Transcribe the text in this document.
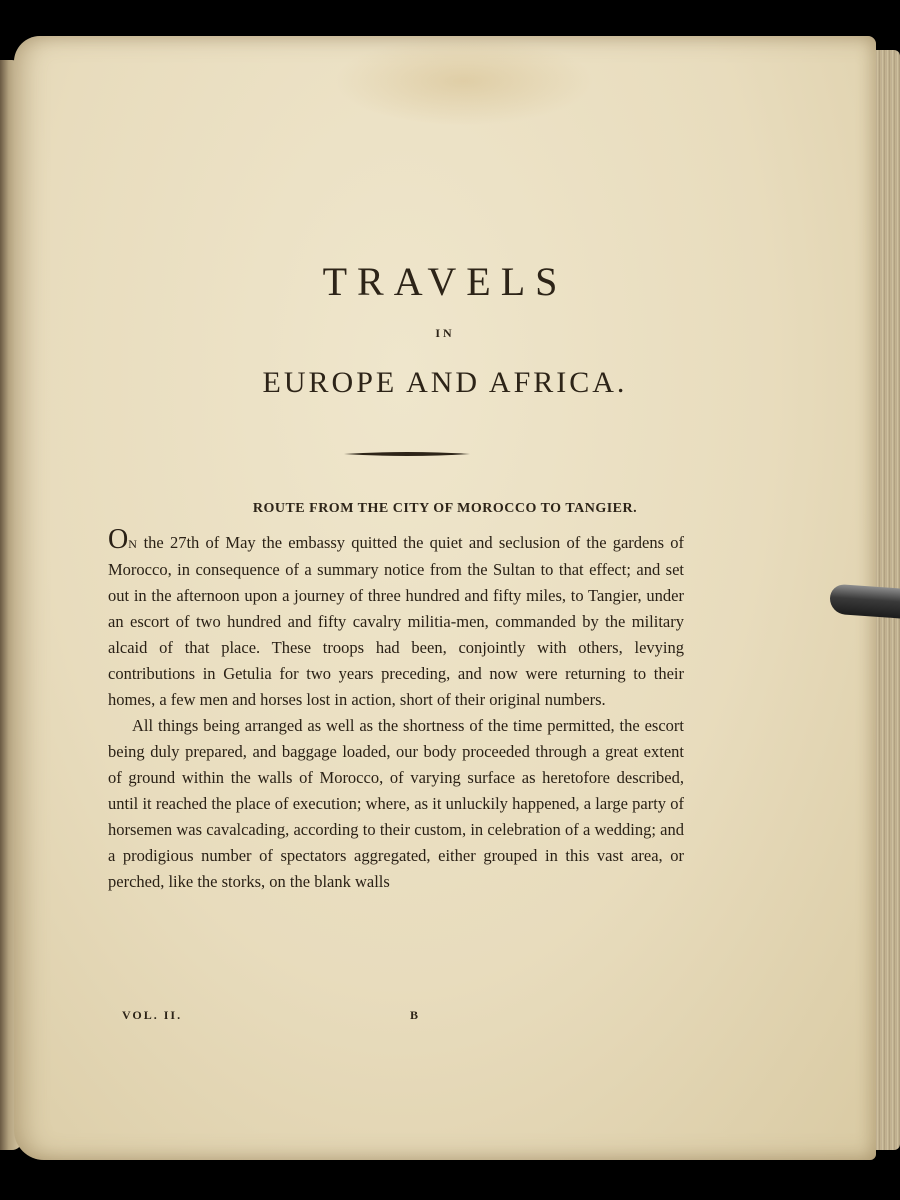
TRAVELS
IN
EUROPE AND AFRICA.
ROUTE FROM THE CITY OF MOROCCO TO TANGIER.

ON the 27th of May the embassy quitted the quiet and seclusion of the gardens of Morocco, in consequence of a summary notice from the Sultan to that effect; and set out in the afternoon upon a journey of three hundred and fifty miles, to Tangier, under an escort of two hundred and fifty cavalry militia-men, commanded by the military alcaid of that place. These troops had been, conjointly with others, levying contributions in Getulia for two years preceding, and now were returning to their homes, a few men and horses lost in action, short of their original numbers.

All things being arranged as well as the shortness of the time permitted, the escort being duly prepared, and baggage loaded, our body proceeded through a great extent of ground within the walls of Morocco, of varying surface as heretofore described, until it reached the place of execution; where, as it unluckily happened, a large party of horsemen was cavalcading, according to their custom, in celebration of a wedding; and a prodigious number of spectators aggregated, either grouped in this vast area, or perched, like the storks, on the blank walls

VOL. II.	B
